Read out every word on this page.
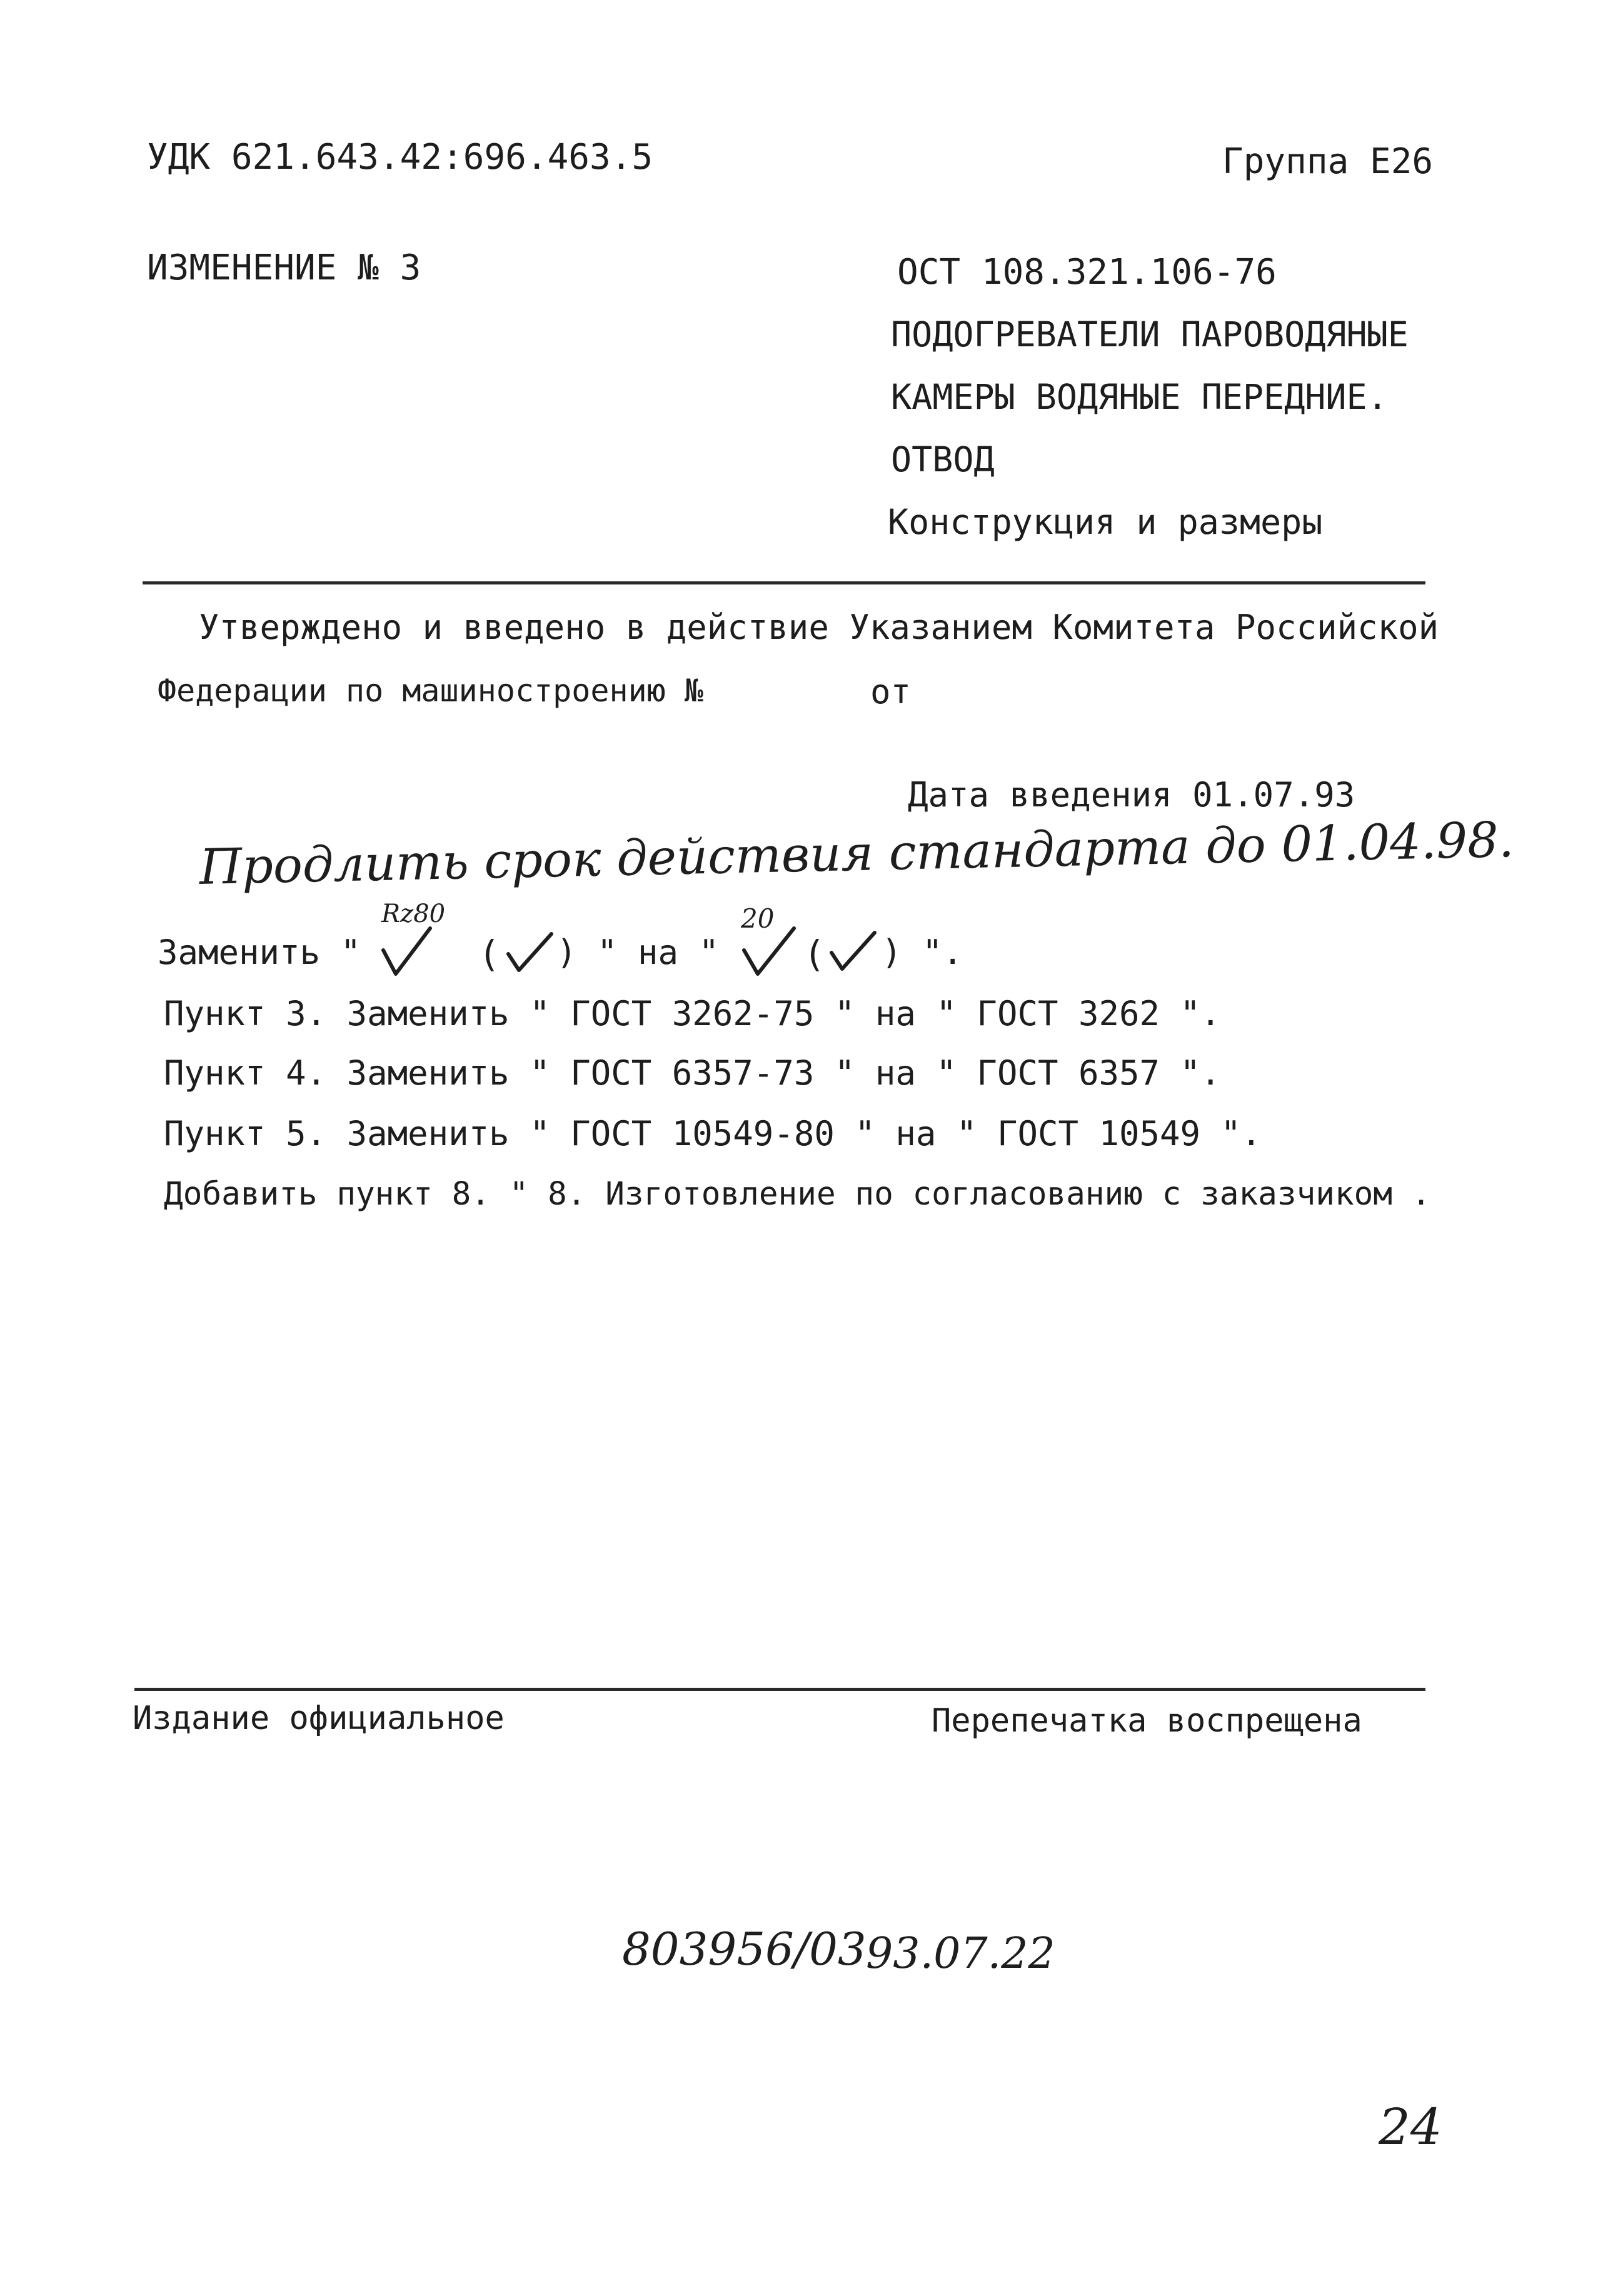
УДК 621.643.42:696.463.5	Группа Е26

ИЗМЕНЕНИЕ № 3	ОСТ 108.321.106-76

ПОДОГРЕВАТЕЛИ ПАРОВОДЯНЫЕ

КАМЕРЫ ВОДЯНЫЕ ПЕРЕДНИЕ.

ОТВОД

Конструкция и размеры

Утверждено и введено в действие Указанием Комитета Российской

Федерации по машиностроению №	от

Дата введения 01.07.93

Продлить срок действия стандарта до 01.04.98.

Заменить "

Rz80

( ) " на "

20

( ) ".

Пункт 3. Заменить " ГОСТ 3262-75 " на " ГОСТ 3262 ".

Пункт 4. Заменить " ГОСТ 6357-73 " на " ГОСТ 6357 ".

Пункт 5. Заменить " ГОСТ 10549-80 " на " ГОСТ 10549 ".

Добавить пункт 8. " 8. Изготовление по согласованию с заказчиком .

Издание официальное	Перепечатка воспрещена

803956/03 93.07.22

24
